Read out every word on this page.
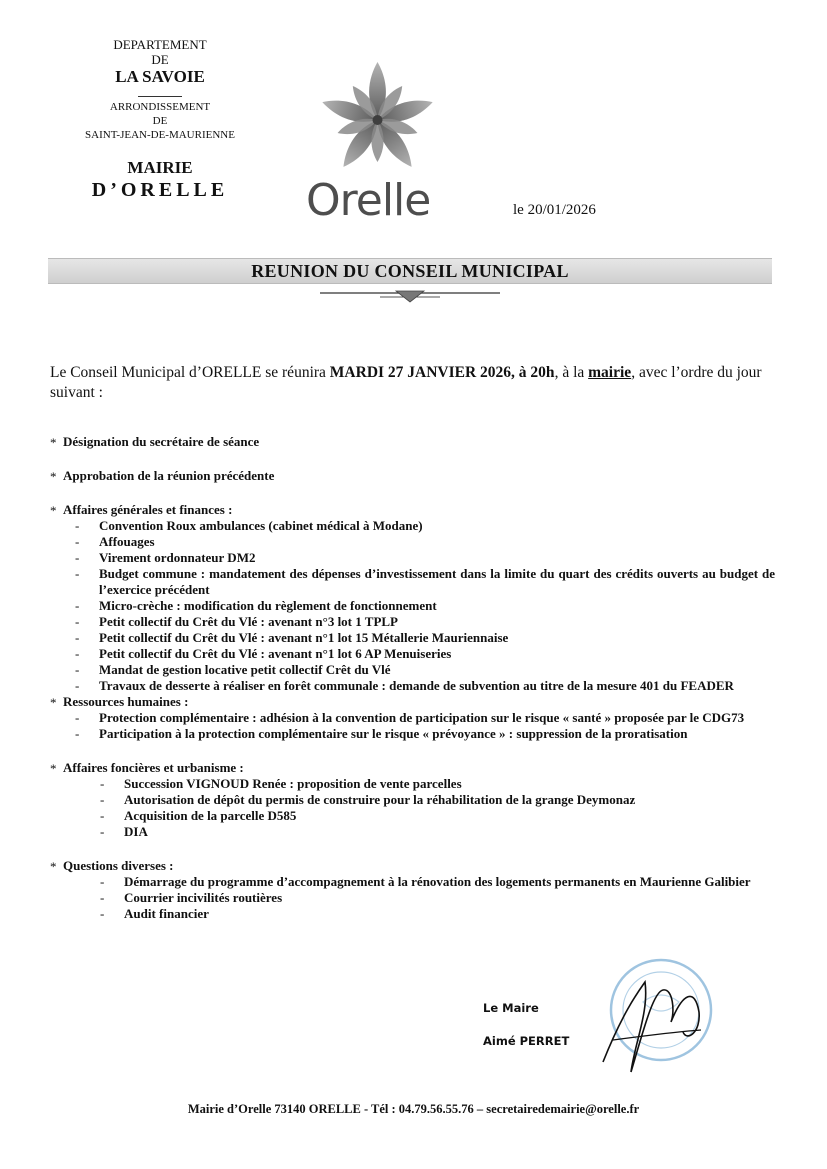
DEPARTEMENT
DE
LA SAVOIE
ARRONDISSEMENT
DE
SAINT-JEAN-DE-MAURIENNE
MAIRIE
D’ORELLE	Orelle	le 20/01/2026
REUNION DU CONSEIL MUNICIPAL
Le Conseil Municipal d’ORELLE se réunira MARDI 27 JANVIER 2026, à 20h, à la mairie, avec l’ordre du jour suivant :
* Désignation du secrétaire de séance
* Approbation de la réunion précédente
* Affaires générales et finances :
- Convention Roux ambulances (cabinet médical à Modane)
- Affouages
- Virement ordonnateur DM2
- Budget commune : mandatement des dépenses d’investissement dans la limite du quart des crédits ouverts au budget de l’exercice précédent
- Micro-crèche : modification du règlement de fonctionnement
- Petit collectif du Crêt du Vlé : avenant n°3 lot 1 TPLP
- Petit collectif du Crêt du Vlé : avenant n°1 lot 15 Métallerie Mauriennaise
- Petit collectif du Crêt du Vlé : avenant n°1 lot 6 AP Menuiseries
- Mandat de gestion locative petit collectif Crêt du Vlé
- Travaux de desserte à réaliser en forêt communale : demande de subvention au titre de la mesure 401 du FEADER
* Ressources humaines :
- Protection complémentaire : adhésion à la convention de participation sur le risque « santé » proposée par le CDG73
- Participation à la protection complémentaire sur le risque « prévoyance » : suppression de la proratisation
* Affaires foncières et urbanisme :
- Succession VIGNOUD Renée : proposition de vente parcelles
- Autorisation de dépôt du permis de construire pour la réhabilitation de la grange Deymonaz
- Acquisition de la parcelle D585
- DIA
* Questions diverses :
- Démarrage du programme d’accompagnement à la rénovation des logements permanents en Maurienne Galibier
- Courrier incivilités routières
- Audit financier
Le Maire
Aimé PERRET
Mairie d’Orelle 73140 ORELLE - Tél : 04.79.56.55.76 – secretairedemairie@orelle.fr
